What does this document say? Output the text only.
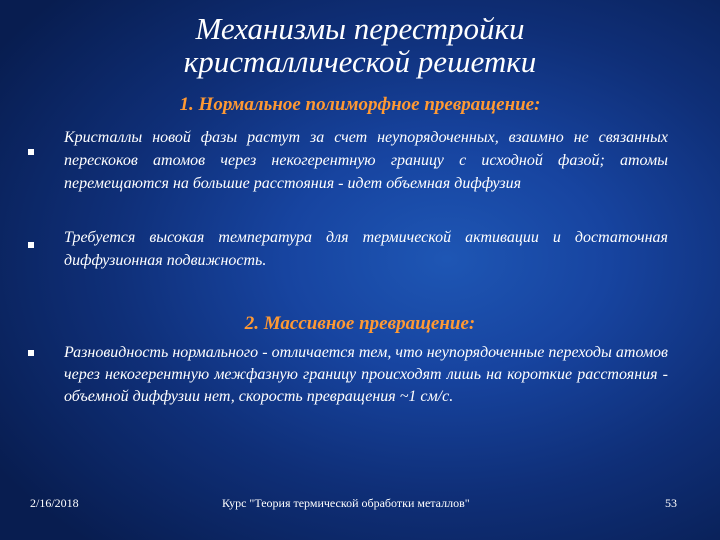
Механизмы перестройки
кристаллической решетки
1. Нормальное полиморфное превращение:
Кристаллы новой фазы растут за счет неупорядоченных, взаимно не связанных перескоков атомов через некогерентную границу с исходной фазой; атомы перемещаются на большие расстояния - идет объемная диффузия
Требуется высокая температура для термической активации и достаточная диффузионная подвижность.
2. Массивное превращение:
Разновидность нормального - отличается тем, что неупорядоченные переходы атомов через некогерентную межфазную границу происходят лишь на короткие расстояния - объемной диффузии нет, скорость превращения ~1 см/с.
2/16/2018	Курс "Теория термической обработки металлов"	53
